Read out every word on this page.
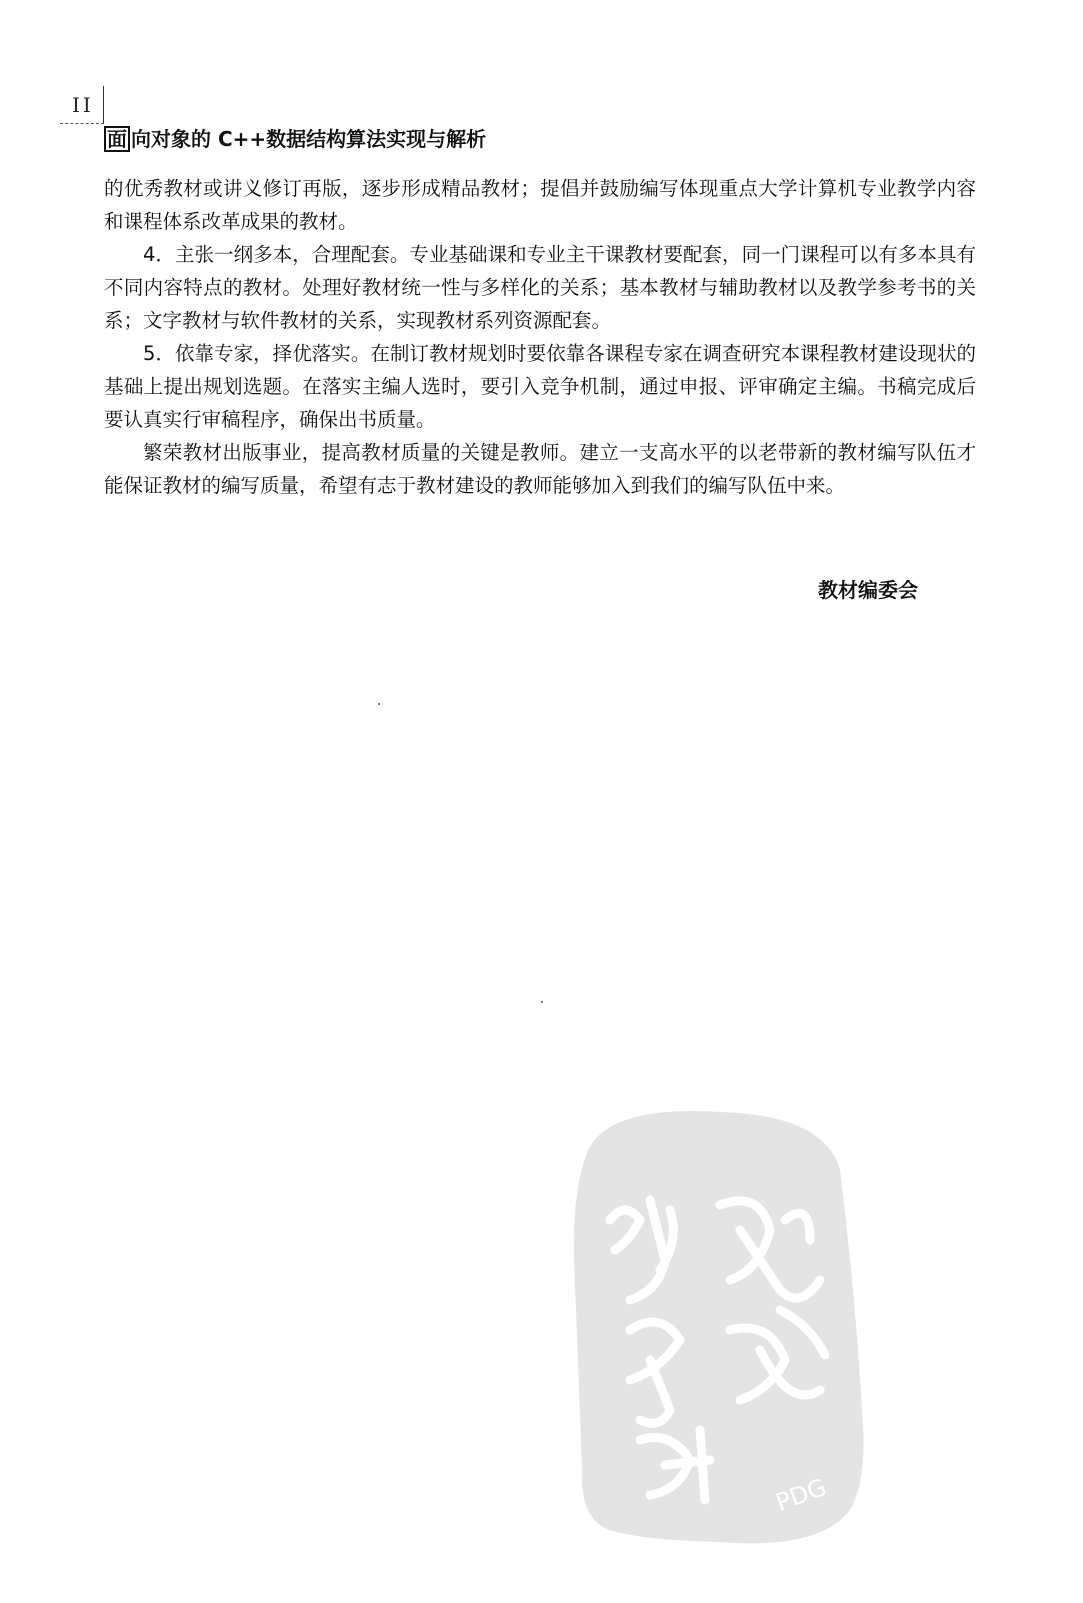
II
面 向对象的 C++数据结构算法实现与解析

的优秀教材或讲义修订再版，逐步形成精品教材；提倡并鼓励编写体现重点大学计算机专业教学内容和课程体系改革成果的教材。

4．主张一纲多本，合理配套。专业基础课和专业主干课教材要配套，同一门课程可以有多本具有不同内容特点的教材。处理好教材统一性与多样化的关系；基本教材与辅助教材以及教学参考书的关系；文字教材与软件教材的关系，实现教材系列资源配套。

5．依靠专家，择优落实。在制订教材规划时要依靠各课程专家在调查研究本课程教材建设现状的基础上提出规划选题。在落实主编人选时，要引入竞争机制，通过申报、评审确定主编。书稿完成后要认真实行审稿程序，确保出书质量。

繁荣教材出版事业，提高教材质量的关键是教师。建立一支高水平的以老带新的教材编写队伍才能保证教材的编写质量，希望有志于教材建设的教师能够加入到我们的编写队伍中来。

教材编委会
PDG
